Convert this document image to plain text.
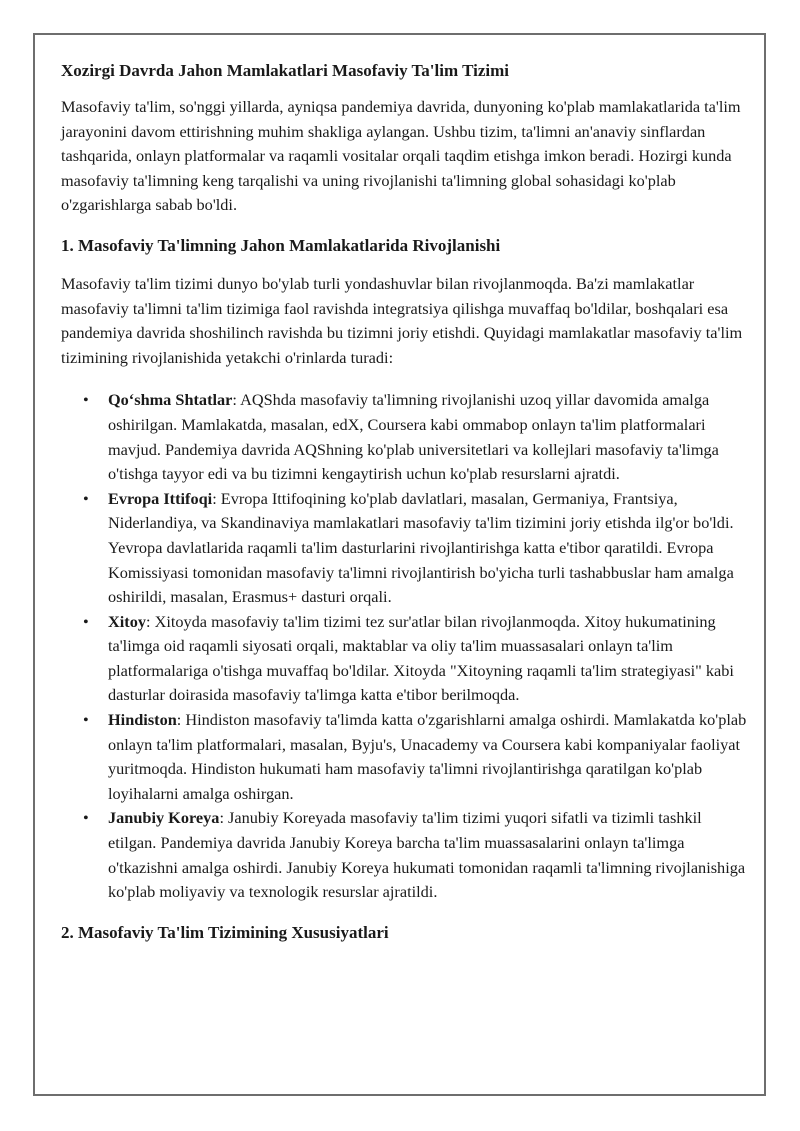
Xozirgi Davrda Jahon Mamlakatlari Masofaviy Ta'lim Tizimi

Masofaviy ta'lim, so'nggi yillarda, ayniqsa pandemiya davrida, dunyoning ko'plab mamlakatlarida ta'lim jarayonini davom ettirishning muhim shakliga aylangan. Ushbu tizim, ta'limni an'anaviy sinflardan tashqarida, onlayn platformalar va raqamli vositalar orqali taqdim etishga imkon beradi. Hozirgi kunda masofaviy ta'limning keng tarqalishi va uning rivojlanishi ta'limning global sohasidagi ko'plab o'zgarishlarga sabab bo'ldi.

1. Masofaviy Ta'limning Jahon Mamlakatlarida Rivojlanishi

Masofaviy ta'lim tizimi dunyo bo'ylab turli yondashuvlar bilan rivojlanmoqda. Ba'zi mamlakatlar masofaviy ta'limni ta'lim tizimiga faol ravishda integratsiya qilishga muvaffaq bo'ldilar, boshqalari esa pandemiya davrida shoshilinch ravishda bu tizimni joriy etishdi. Quyidagi mamlakatlar masofaviy ta'lim tizimining rivojlanishida yetakchi o'rinlarda turadi:

• Qoʻshma Shtatlar: AQShda masofaviy ta'limning rivojlanishi uzoq yillar davomida amalga oshirilgan. Mamlakatda, masalan, edX, Coursera kabi ommabop onlayn ta'lim platformalari mavjud. Pandemiya davrida AQShning ko'plab universitetlari va kollejlari masofaviy ta'limga o'tishga tayyor edi va bu tizimni kengaytirish uchun ko'plab resurslarni ajratdi.
• Evropa Ittifoqi: Evropa Ittifoqining ko'plab davlatlari, masalan, Germaniya, Frantsiya, Niderlandiya, va Skandinaviya mamlakatlari masofaviy ta'lim tizimini joriy etishda ilg'or bo'ldi. Yevropa davlatlarida raqamli ta'lim dasturlarini rivojlantirishga katta e'tibor qaratildi. Evropa Komissiyasi tomonidan masofaviy ta'limni rivojlantirish bo'yicha turli tashabbuslar ham amalga oshirildi, masalan, Erasmus+ dasturi orqali.
• Xitoy: Xitoyda masofaviy ta'lim tizimi tez sur'atlar bilan rivojlanmoqda. Xitoy hukumatining ta'limga oid raqamli siyosati orqali, maktablar va oliy ta'lim muassasalari onlayn ta'lim platformalariga o'tishga muvaffaq bo'ldilar. Xitoyda "Xitoyning raqamli ta'lim strategiyasi" kabi dasturlar doirasida masofaviy ta'limga katta e'tibor berilmoqda.
• Hindiston: Hindiston masofaviy ta'limda katta o'zgarishlarni amalga oshirdi. Mamlakatda ko'plab onlayn ta'lim platformalari, masalan, Byju's, Unacademy va Coursera kabi kompaniyalar faoliyat yuritmoqda. Hindiston hukumati ham masofaviy ta'limni rivojlantirishga qaratilgan ko'plab loyihalarni amalga oshirgan.
• Janubiy Koreya: Janubiy Koreyada masofaviy ta'lim tizimi yuqori sifatli va tizimli tashkil etilgan. Pandemiya davrida Janubiy Koreya barcha ta'lim muassasalarini onlayn ta'limga o'tkazishni amalga oshirdi. Janubiy Koreya hukumati tomonidan raqamli ta'limning rivojlanishiga ko'plab moliyaviy va texnologik resurslar ajratildi.
2. Masofaviy Ta'lim Tizimining Xususiyatlari
